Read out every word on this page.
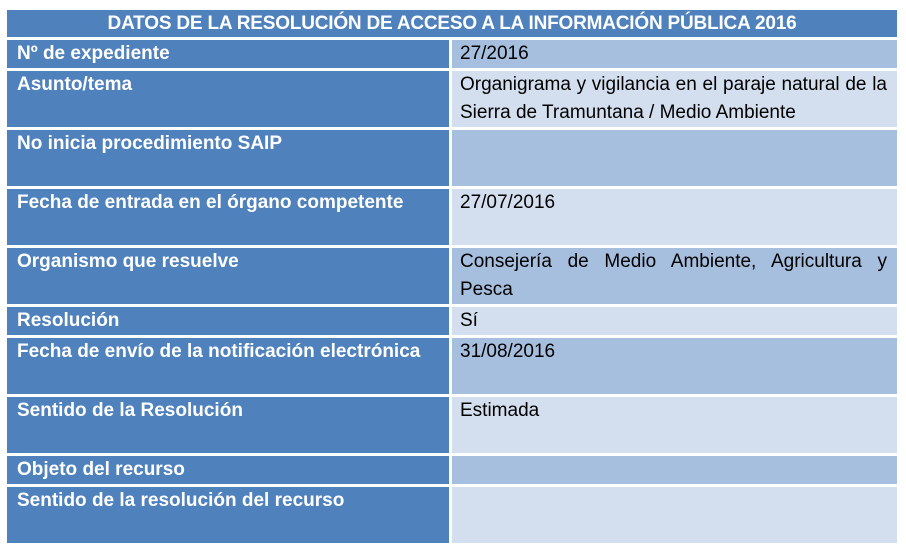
DATOS DE LA RESOLUCIÓN DE ACCESO A LA INFORMACIÓN PÚBLICA 2016	
Nº de expediente	27/2016
Asunto/tema	Organigrama y vigilancia en el paraje natural de la Sierra de Tramuntana / Medio Ambiente
No inicia procedimiento SAIP	
Fecha de entrada en el órgano competente	27/07/2016
Organismo que resuelve	Consejería de Medio Ambiente, Agricultura y Pesca
Resolución	Sí
Fecha de envío de la notificación electrónica	31/08/2016
Sentido de la Resolución	Estimada
Objeto del recurso	
Sentido de la resolución del recurso	
